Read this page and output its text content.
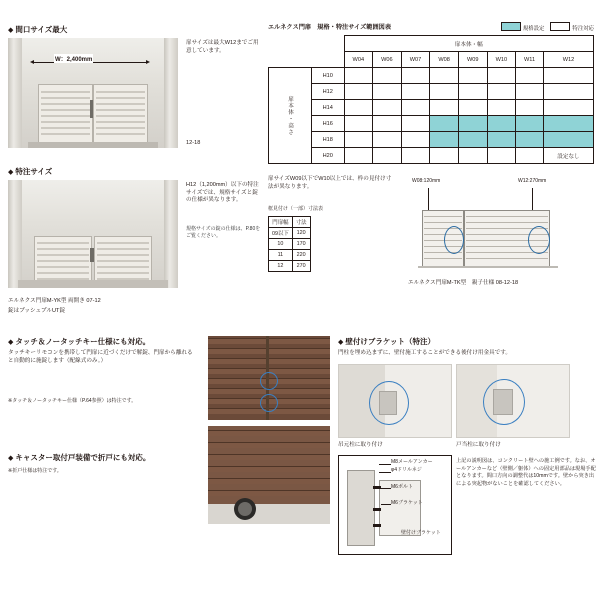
◆ 間口サイズ最大
W：2,400mm
扉サイズは最大W12までご用意しています。
12-18
◆ 特注サイズ
H12（1,200mm）以下の特注サイズでは、規格サイズと錠の仕様が異なります。
規格サイズの錠の仕様は、P.80をご覧ください。
エルネクス門扉M-YK型 両開き 07-12
錠はプッシュプルUT錠
エルネクス門扉　規格・特注サイズ範囲図表	規格設定	特注対応
		扉本体・幅							
		W04	W06	W07	W08	W09	W10	W11	W12
扉本体・高さ	H10								
	H12								
	H14								
	H16								
	H18								
	H20								設定なし
扉サイズW09以下でW10以上では、枠の見付け寸法が異なります。
框見付け（一部）寸法表
門扉幅	寸法
09以下	120
10	170
11	220
12	270
W08:120mm	W12:270mm
エルネクス門扉M-TK型　親子仕様 08-12-18
◆ タッチ＆ノータッチキー仕様にも対応。
タッチキーリモコンを携帯して門扉に近づくだけで解錠、門扉から離れると自動的に施錠します（配線式のみ。）
※タッチ＆ノータッチキー仕様（P.64参照）は特注です。
◆ キャスター取付戸装備で折戸にも対応。
※折戸仕様は特注です。
◆ 壁付けブラケット（特注）
門柱を埋め込まずに、壁付施工することができる後付け用金具です。
吊元柱に取り付け	戸当柱に取り付け
M8メールアンカー
φ4ドリルネジ
M6ボルト
M6ブラケット
壁付けブラケット
上記の説明図は、コンクリート壁への施工例です。なお、オールアンカーなど（壁側／躯体）への固定用部品は現場手配となります。間口方向の調整代は10mmです。壁から突き出による突起物がないことを確認してください。
